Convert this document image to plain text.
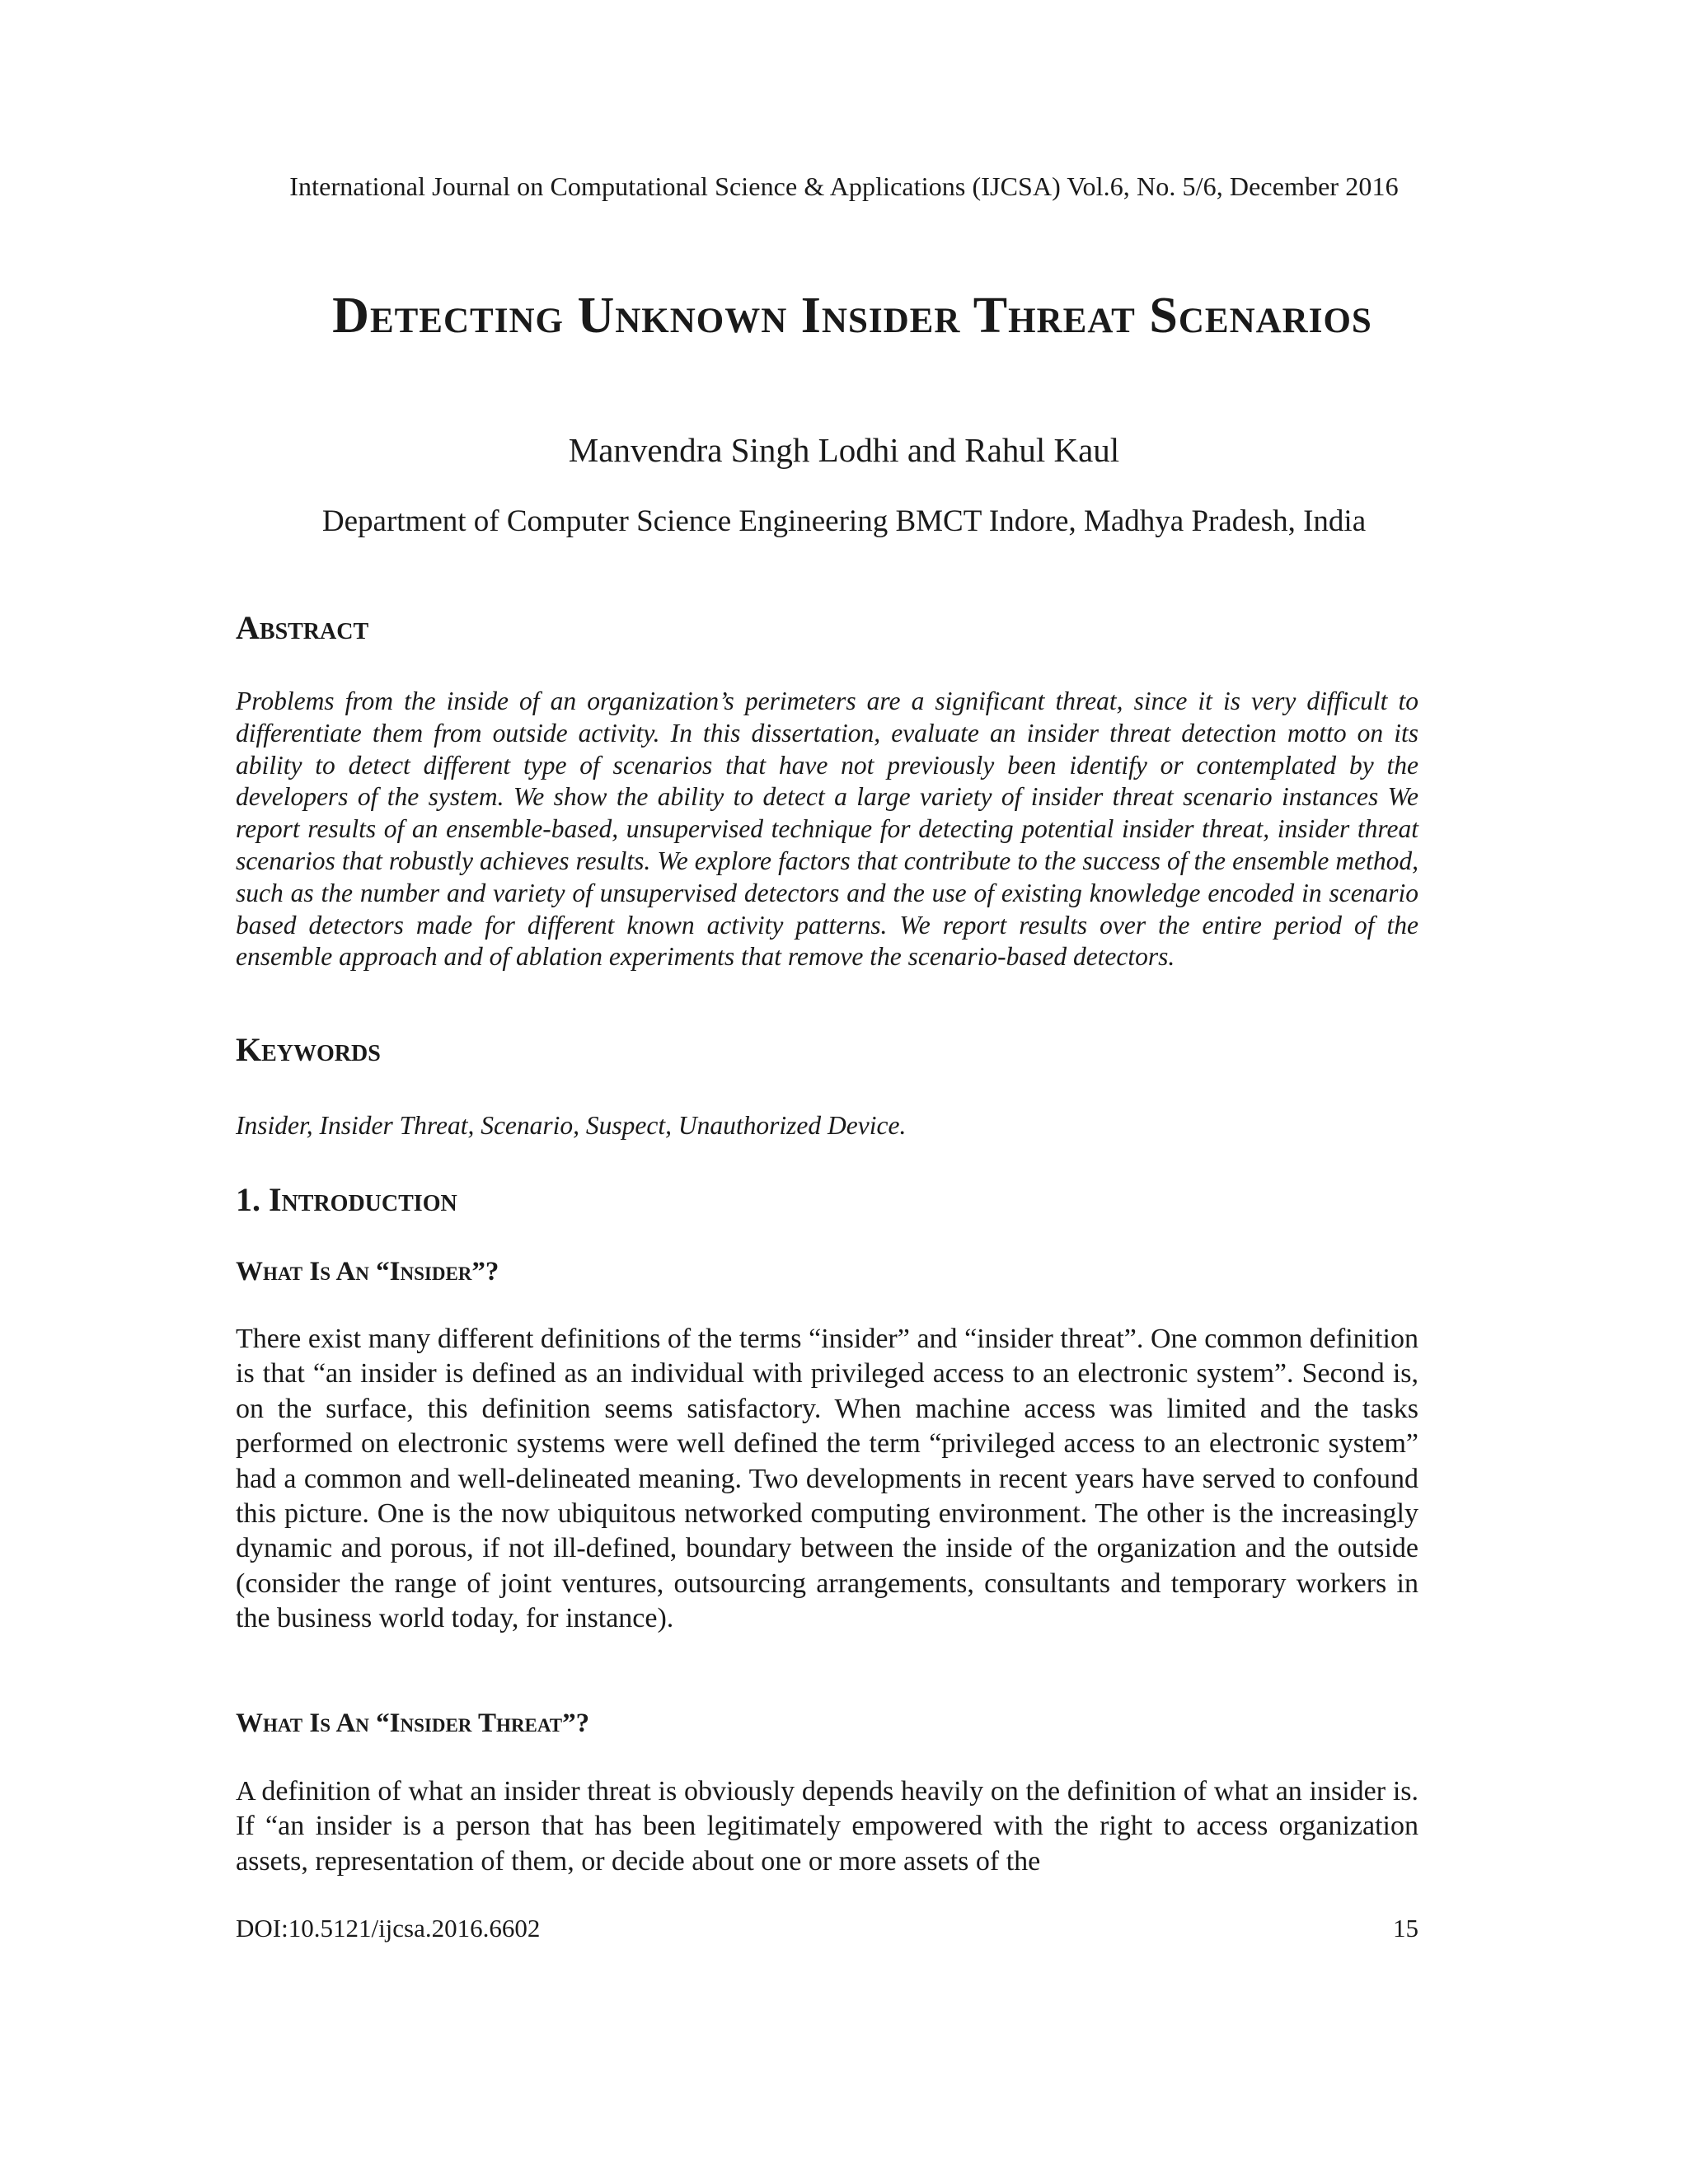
International Journal on Computational Science & Applications (IJCSA) Vol.6, No. 5/6, December 2016
Detecting Unknown Insider Threat Scenarios
Manvendra Singh Lodhi and Rahul Kaul
Department of Computer Science Engineering BMCT Indore, Madhya Pradesh, India
Abstract

Problems from the inside of an organization’s perimeters are a significant threat, since it is very difficult to differentiate them from outside activity. In this dissertation, evaluate an insider threat detection motto on its ability to detect different type of scenarios that have not previously been identify or contemplated by the developers of the system. We show the ability to detect a large variety of insider threat scenario instances We report results of an ensemble-based, unsupervised technique for detecting potential insider threat, insider threat scenarios that robustly achieves results. We explore factors that contribute to the success of the ensemble method, such as the number and variety of unsupervised detectors and the use of existing knowledge encoded in scenario based detectors made for different known activity patterns. We report results over the entire period of the ensemble approach and of ablation experiments that remove the scenario-based detectors.

Keywords

Insider, Insider Threat, Scenario, Suspect, Unauthorized Device.

1. Introduction
What Is An “Insider”?

There exist many different definitions of the terms “insider” and “insider threat”. One common definition is that “an insider is defined as an individual with privileged access to an electronic system”. Second is, on the surface, this definition seems satisfactory. When machine access was limited and the tasks performed on electronic systems were well defined the term “privileged access to an electronic system” had a common and well-delineated meaning. Two developments in recent years have served to confound this picture. One is the now ubiquitous networked computing environment. The other is the increasingly dynamic and porous, if not ill-defined, boundary between the inside of the organization and the outside (consider the range of joint ventures, outsourcing arrangements, consultants and temporary workers in the business world today, for instance).

What Is An “Insider Threat”?

A definition of what an insider threat is obviously depends heavily on the definition of what an insider is. If “an insider is a person that has been legitimately empowered with the right to access organization assets, representation of them, or decide about one or more assets of the

DOI:10.5121/ijcsa.2016.6602	15
